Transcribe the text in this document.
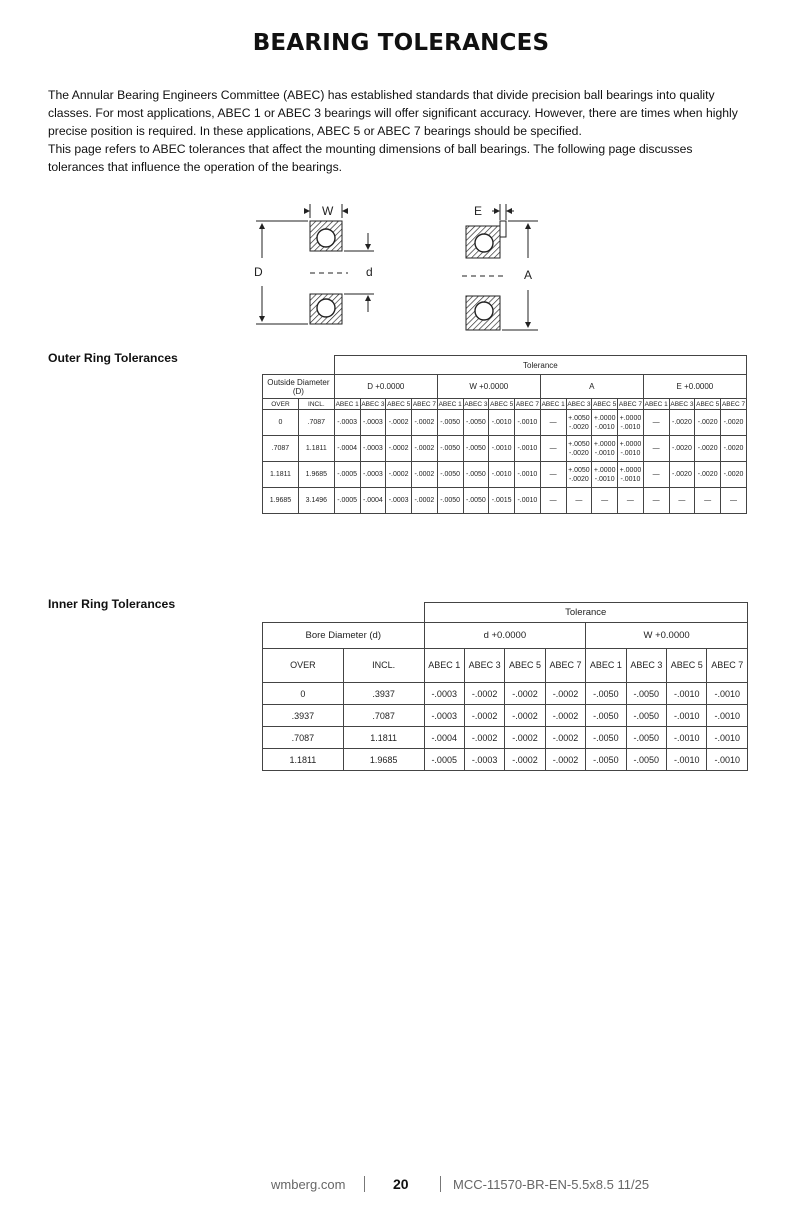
BEARING TOLERANCES

The Annular Bearing Engineers Committee (ABEC) has established standards that divide precision ball bearings into quality classes. For most applications, ABEC 1 or ABEC 3 bearings will offer significant accuracy. However, there are times when highly precise position is required. In these applications, ABEC 5 or ABEC 7 bearings should be specified.

This page refers to ABEC tolerances that affect the mounting dimensions of ball bearings. The following page discusses tolerances that influence the operation of the bearings.

D	d
W	E
A
Outer Ring Tolerances
		Tolerance															
Outside Diameter (D)		D +0.0000				W +0.0000				A				E +0.0000			
OVER	INCL.	ABEC 1	ABEC 3	ABEC 5	ABEC 7	ABEC 1	ABEC 3	ABEC 5	ABEC 7	ABEC 1	ABEC 3	ABEC 5	ABEC 7	ABEC 1	ABEC 3	ABEC 5	ABEC 7

0	.7087	-.0003	-.0003	-.0002	-.0002	-.0050	-.0050	-.0010	-.0010	—	+.0050 -.0020	+.0000 -.0010	+.0000 -.0010	—	-.0020	-.0020	-.0020
.7087	1.1811	-.0004	-.0003	-.0002	-.0002	-.0050	-.0050	-.0010	-.0010	—	+.0050 -.0020	+.0000 -.0010	+.0000 -.0010	—	-.0020	-.0020	-.0020
1.1811	1.9685	-.0005	-.0003	-.0002	-.0002	-.0050	-.0050	-.0010	-.0010	—	+.0050 -.0020	+.0000 -.0010	+.0000 -.0010	—	-.0020	-.0020	-.0020
1.9685	3.1496	-.0005	-.0004	-.0003	-.0002	-.0050	-.0050	-.0015	-.0010	—	—	—	—	—	—	—	—
Inner Ring Tolerances
		Tolerance							
Bore Diameter (d)		d +0.0000				W +0.0000			
OVER	INCL.	ABEC 1	ABEC 3	ABEC 5	ABEC 7	ABEC 1	ABEC 3	ABEC 5	ABEC 7
0	.3937	-.0003	-.0002	-.0002	-.0002	-.0050	-.0050	-.0010	-.0010
.3937	.7087	-.0003	-.0002	-.0002	-.0002	-.0050	-.0050	-.0010	-.0010
.7087	1.1811	-.0004	-.0002	-.0002	-.0002	-.0050	-.0050	-.0010	-.0010
1.1811	1.9685	-.0005	-.0003	-.0002	-.0002	-.0050	-.0050	-.0010	-.0010
wmberg.com	20	MCC-11570-BR-EN-5.5x8.5 11/25
